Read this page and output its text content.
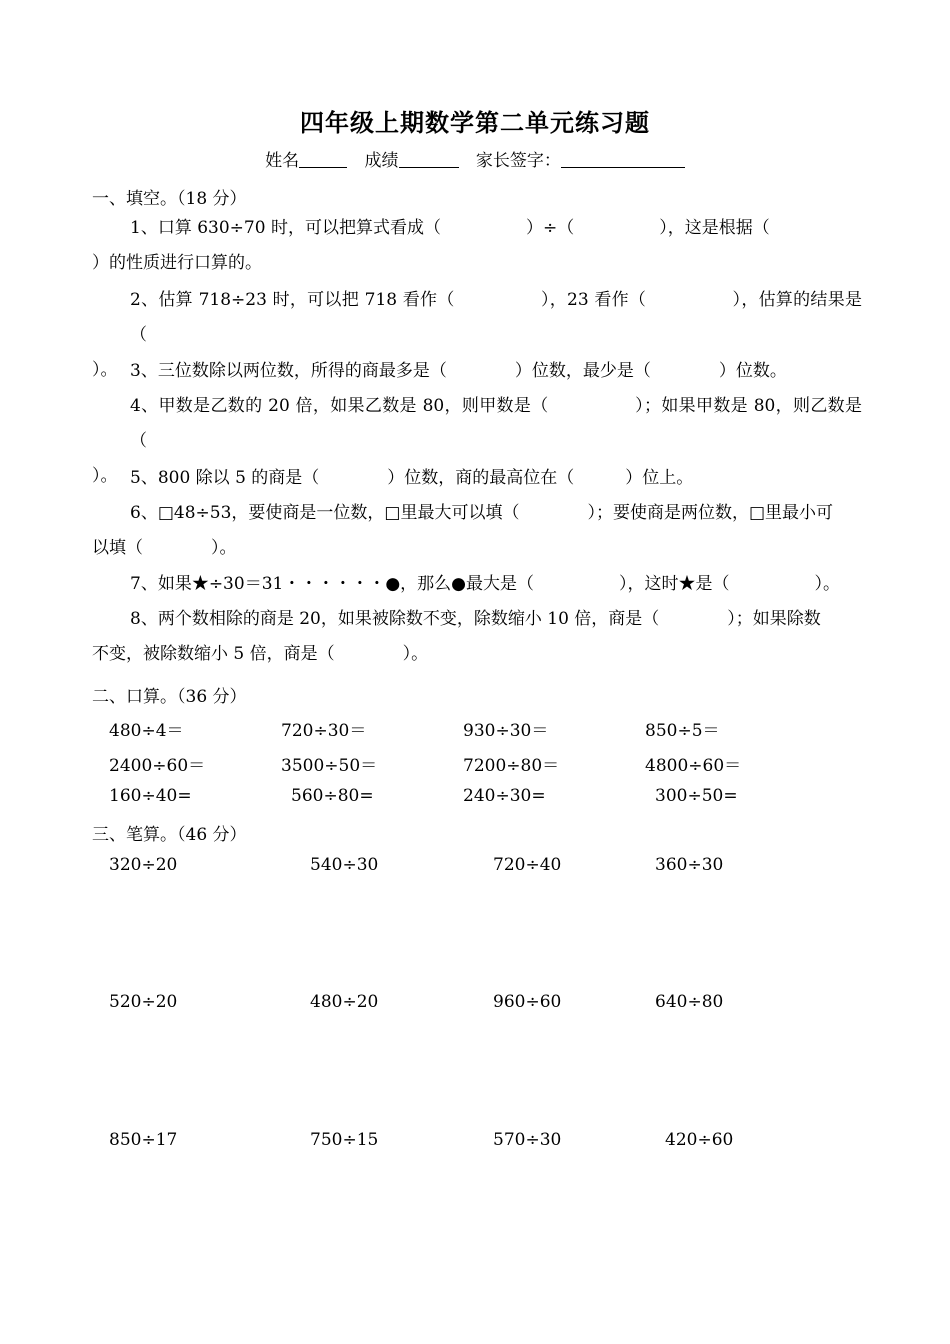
四年级上期数学第二单元练习题
姓名	成绩	家长签字：
一、填空。（18 分）
1、口算 630÷70 时，可以把算式看成（　　　　　）÷（　　　　　），这是根据（
）的性质进行口算的。
2、估算 718÷23 时，可以把 718 看作（　　　　　），23 看作（　　　　　），估算的结果是（
）。 3、三位数除以两位数，所得的商最多是（　　　　）位数，最少是（　　　　）位数。
4、甲数是乙数的 20 倍，如果乙数是 80，则甲数是（　　　　　）；如果甲数是 80，则乙数是（
）。 5、800 除以 5 的商是（　　　　）位数，商的最高位在（　　　）位上。
6、□48÷53，要使商是一位数，□里最大可以填（　　　　）；要使商是两位数，□里最小可
以填（　　　　）。
7、如果★÷30＝31・・・・・・●，那么●最大是（　　　　　），这时★是（　　　　　）。
8、两个数相除的商是 20，如果被除数不变，除数缩小 10 倍，商是（　　　　）；如果除数
不变，被除数缩小 5 倍，商是（　　　　）。
二、口算。（36 分）
480÷4＝	720÷30＝	930÷30＝	850÷5＝
2400÷60＝	3500÷50＝	7200÷80＝	4800÷60＝
160÷40=	560÷80=	240÷30=	300÷50=
三、笔算。（46 分）
320÷20	540÷30	720÷40	360÷30
520÷20	480÷20	960÷60	640÷80
850÷17	750÷15	570÷30	420÷60
